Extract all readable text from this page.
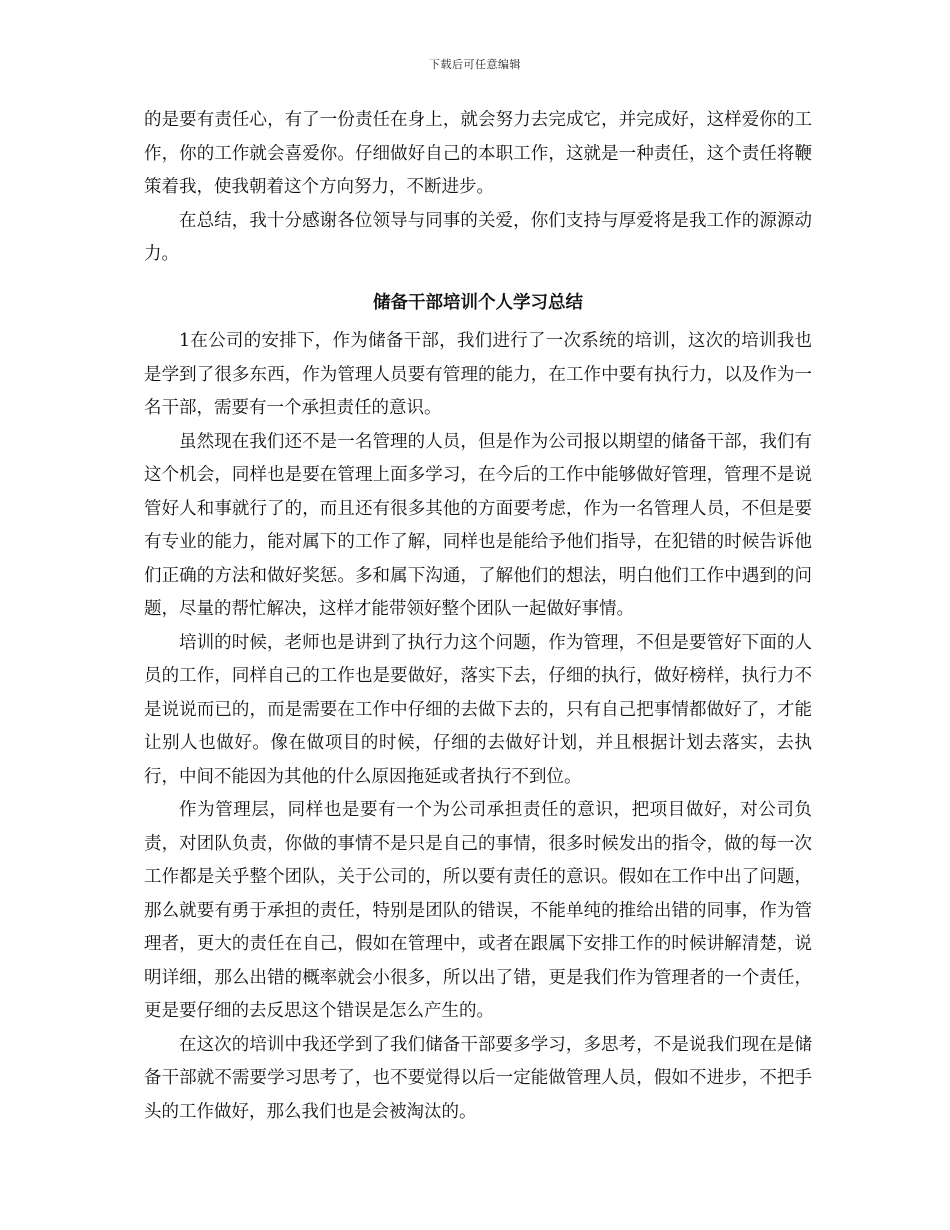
下载后可任意编辑

的是要有责任心，有了一份责任在身上，就会努力去完成它，并完成好，这样爱你的工作，你的工作就会喜爱你。仔细做好自己的本职工作，这就是一种责任，这个责任将鞭策着我，使我朝着这个方向努力，不断进步。

在总结，我十分感谢各位领导与同事的关爱，你们支持与厚爱将是我工作的源源动力。

储备干部培训个人学习总结

1在公司的安排下，作为储备干部，我们进行了一次系统的培训，这次的培训我也是学到了很多东西，作为管理人员要有管理的能力，在工作中要有执行力，以及作为一名干部，需要有一个承担责任的意识。

虽然现在我们还不是一名管理的人员，但是作为公司报以期望的储备干部，我们有这个机会，同样也是要在管理上面多学习，在今后的工作中能够做好管理，管理不是说管好人和事就行了的，而且还有很多其他的方面要考虑，作为一名管理人员，不但是要有专业的能力，能对属下的工作了解，同样也是能给予他们指导，在犯错的时候告诉他们正确的方法和做好奖惩。多和属下沟通，了解他们的想法，明白他们工作中遇到的问题，尽量的帮忙解决，这样才能带领好整个团队一起做好事情。

培训的时候，老师也是讲到了执行力这个问题，作为管理，不但是要管好下面的人员的工作，同样自己的工作也是要做好，落实下去，仔细的执行，做好榜样，执行力不是说说而已的，而是需要在工作中仔细的去做下去的，只有自己把事情都做好了，才能让别人也做好。像在做项目的时候，仔细的去做好计划，并且根据计划去落实，去执行，中间不能因为其他的什么原因拖延或者执行不到位。

作为管理层，同样也是要有一个为公司承担责任的意识，把项目做好，对公司负责，对团队负责，你做的事情不是只是自己的事情，很多时候发出的指令，做的每一次工作都是关乎整个团队，关于公司的，所以要有责任的意识。假如在工作中出了问题，那么就要有勇于承担的责任，特别是团队的错误，不能单纯的推给出错的同事，作为管理者，更大的责任在自己，假如在管理中，或者在跟属下安排工作的时候讲解清楚，说明详细，那么出错的概率就会小很多，所以出了错，更是我们作为管理者的一个责任，更是要仔细的去反思这个错误是怎么产生的。

在这次的培训中我还学到了我们储备干部要多学习，多思考，不是说我们现在是储备干部就不需要学习思考了，也不要觉得以后一定能做管理人员，假如不进步，不把手头的工作做好，那么我们也是会被淘汰的。
